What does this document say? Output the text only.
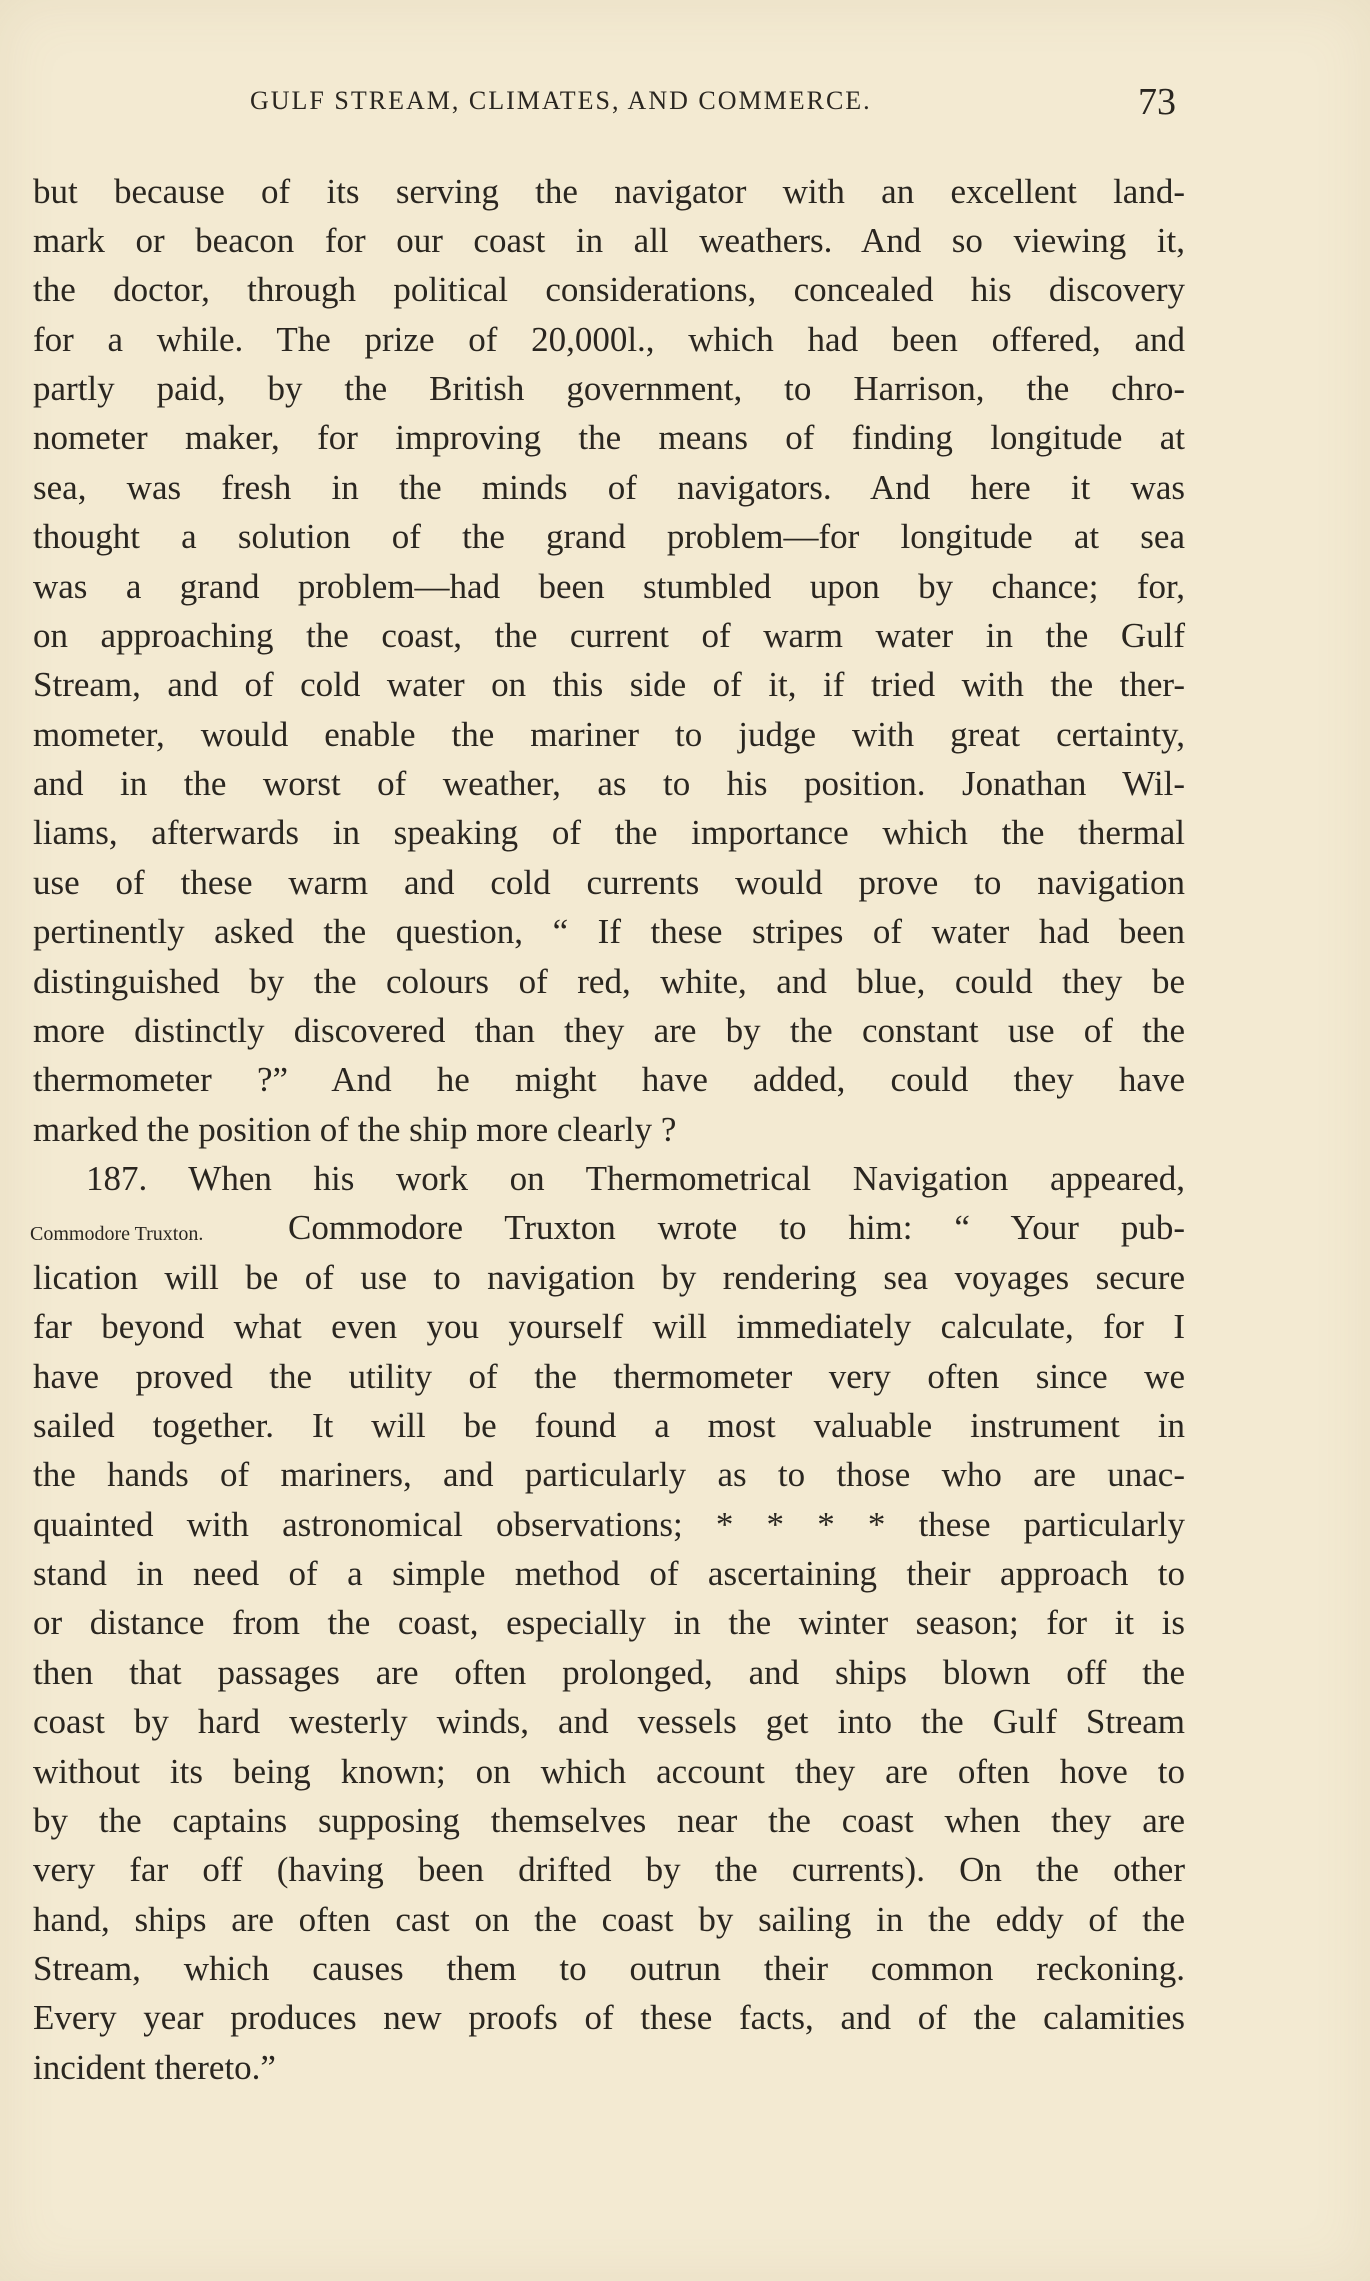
GULF STREAM, CLIMATES, AND COMMERCE.	73
Commodore Truxton.
but because of its serving the navigator with an excellent land-
mark or beacon for our coast in all weathers. And so viewing it,
the doctor, through political considerations, concealed his discovery
for a while. The prize of 20,000l., which had been offered, and
partly paid, by the British government, to Harrison, the chro-
nometer maker, for improving the means of finding longitude at
sea, was fresh in the minds of navigators. And here it was
thought a solution of the grand problem—for longitude at sea
was a grand problem—had been stumbled upon by chance; for,
on approaching the coast, the current of warm water in the Gulf
Stream, and of cold water on this side of it, if tried with the ther-
mometer, would enable the mariner to judge with great certainty,
and in the worst of weather, as to his position. Jonathan Wil-
liams, afterwards in speaking of the importance which the thermal
use of these warm and cold currents would prove to navigation
pertinently asked the question, “ If these stripes of water had been
distinguished by the colours of red, white, and blue, could they be
more distinctly discovered than they are by the constant use of the
thermometer ?” And he might have added, could they have
marked the position of the ship more clearly ?
187. When his work on Thermometrical Navigation appeared,
Commodore Truxton wrote to him: “ Your pub-
lication will be of use to navigation by rendering sea voyages secure
far beyond what even you yourself will immediately calculate, for I
have proved the utility of the thermometer very often since we
sailed together. It will be found a most valuable instrument in
the hands of mariners, and particularly as to those who are unac-
quainted with astronomical observations; * * * * these particularly
stand in need of a simple method of ascertaining their approach to
or distance from the coast, especially in the winter season; for it is
then that passages are often prolonged, and ships blown off the
coast by hard westerly winds, and vessels get into the Gulf Stream
without its being known; on which account they are often hove to
by the captains supposing themselves near the coast when they are
very far off (having been drifted by the currents). On the other
hand, ships are often cast on the coast by sailing in the eddy of the
Stream, which causes them to outrun their common reckoning.
Every year produces new proofs of these facts, and of the calamities
incident thereto.”
